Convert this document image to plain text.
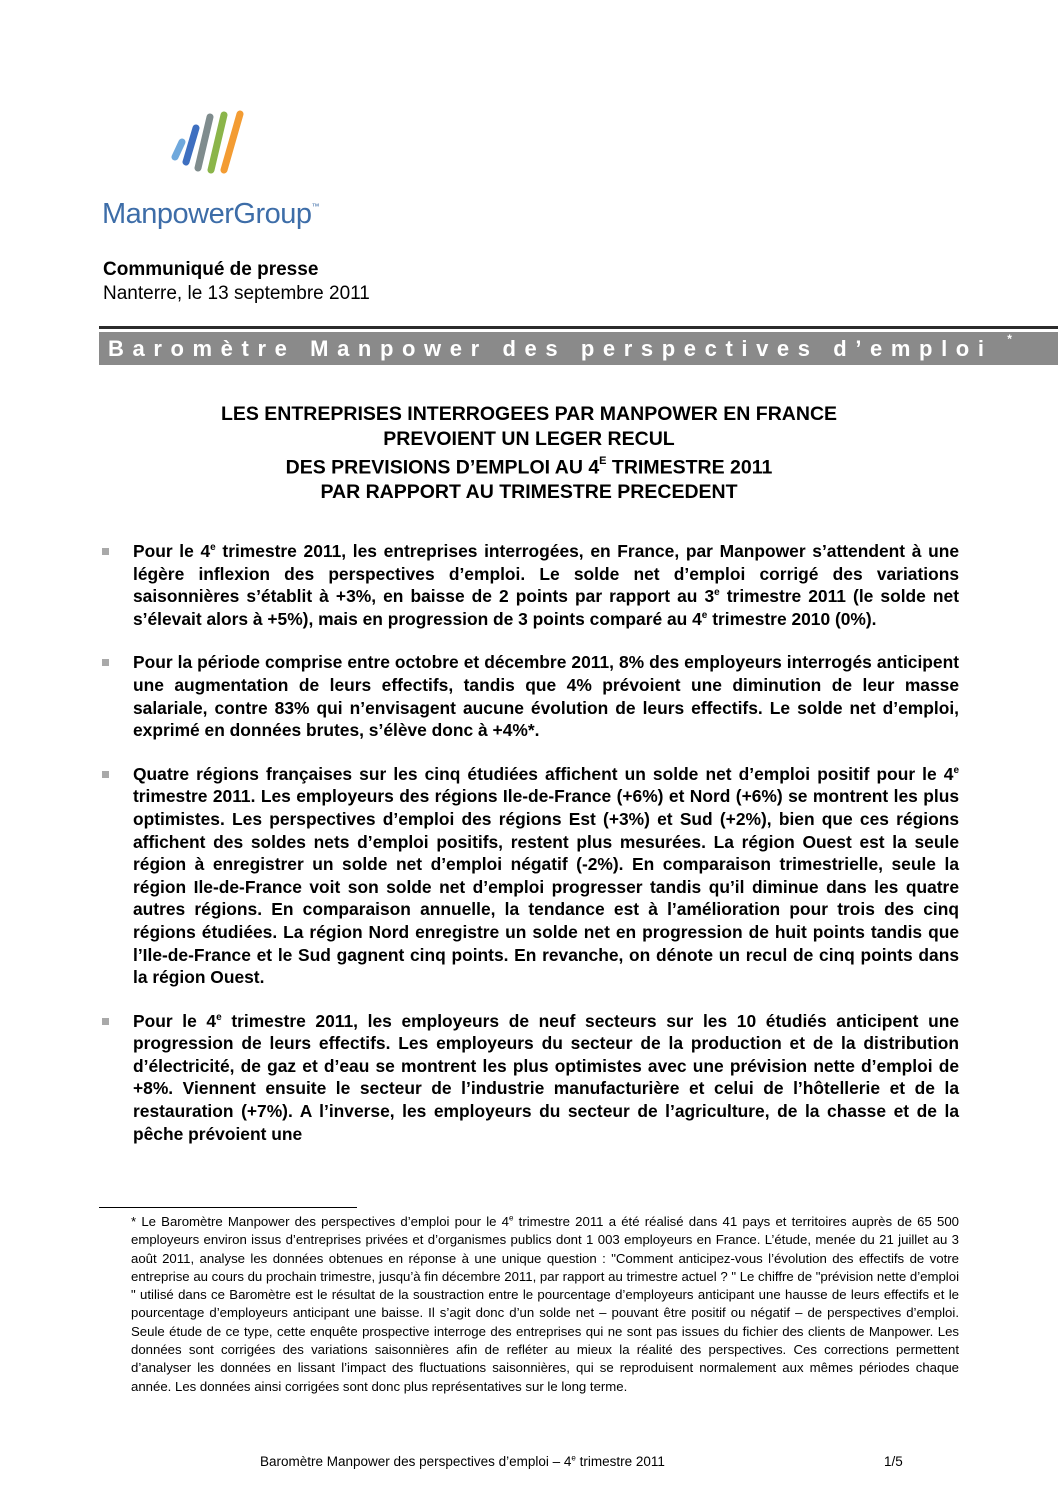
ManpowerGroup™
Communiqué de presse
Nanterre, le 13 septembre 2011
Baromètre Manpower des perspectives d’emploi *
LES ENTREPRISES INTERROGEES PAR MANPOWER EN FRANCE
PREVOIENT UN LEGER RECUL
DES PREVISIONS D’EMPLOI AU $4^E$ TRIMESTRE 2011
PAR RAPPORT AU TRIMESTRE PRECEDENT
Pour le 4e trimestre 2011, les entreprises interrogées, en France, par Manpower s’attendent à une légère inflexion des perspectives d’emploi. Le solde net d’emploi corrigé des variations saisonnières s’établit à +3%, en baisse de 2 points par rapport au 3e trimestre 2011 (le solde net s’élevait alors à +5%), mais en progression de 3 points comparé au 4e trimestre 2010 (0%).
Pour la période comprise entre octobre et décembre 2011, 8% des employeurs interrogés anticipent une augmentation de leurs effectifs, tandis que 4% prévoient une diminution de leur masse salariale, contre 83% qui n’envisagent aucune évolution de leurs effectifs. Le solde net d’emploi, exprimé en données brutes, s’élève donc à +4%*.
Quatre régions françaises sur les cinq étudiées affichent un solde net d’emploi positif pour le 4e trimestre 2011. Les employeurs des régions Ile-de-France (+6%) et Nord (+6%) se montrent les plus optimistes. Les perspectives d’emploi des régions Est (+3%) et Sud (+2%), bien que ces régions affichent des soldes nets d’emploi positifs, restent plus mesurées. La région Ouest est la seule région à enregistrer un solde net d’emploi négatif (-2%). En comparaison trimestrielle, seule la région Ile-de-France voit son solde net d’emploi progresser tandis qu’il diminue dans les quatre autres régions. En comparaison annuelle, la tendance est à l’amélioration pour trois des cinq régions étudiées. La région Nord enregistre un solde net en progression de huit points tandis que l’Ile-de-France et le Sud gagnent cinq points. En revanche, on dénote un recul de cinq points dans la région Ouest.
Pour le 4e trimestre 2011, les employeurs de neuf secteurs sur les 10 étudiés anticipent une progression de leurs effectifs. Les employeurs du secteur de la production et de la distribution d’électricité, de gaz et d’eau se montrent les plus optimistes avec une prévision nette d’emploi de +8%. Viennent ensuite le secteur de l’industrie manufacturière et celui de l’hôtellerie et de la restauration (+7%). A l’inverse, les employeurs du secteur de l’agriculture, de la chasse et de la pêche prévoient une
* Le Baromètre Manpower des perspectives d’emploi pour le 4e trimestre 2011 a été réalisé dans 41 pays et territoires auprès de 65 500 employeurs environ issus d’entreprises privées et d’organismes publics dont 1 003 employeurs en France. L’étude, menée du 21 juillet au 3 août 2011, analyse les données obtenues en réponse à une unique question : "Comment anticipez-vous l’évolution des effectifs de votre entreprise au cours du prochain trimestre, jusqu’à fin décembre 2011, par rapport au trimestre actuel ? " Le chiffre de "prévision nette d’emploi " utilisé dans ce Baromètre est le résultat de la soustraction entre le pourcentage d’employeurs anticipant une hausse de leurs effectifs et le pourcentage d’employeurs anticipant une baisse. Il s’agit donc d’un solde net – pouvant être positif ou négatif – de perspectives d’emploi. Seule étude de ce type, cette enquête prospective interroge des entreprises qui ne sont pas issues du fichier des clients de Manpower. Les données sont corrigées des variations saisonnières afin de refléter au mieux la réalité des perspectives. Ces corrections permettent d’analyser les données en lissant l’impact des fluctuations saisonnières, qui se reproduisent normalement aux mêmes périodes chaque année. Les données ainsi corrigées sont donc plus représentatives sur le long terme.
Baromètre Manpower des perspectives d’emploi – 4e trimestre 2011	1/5
